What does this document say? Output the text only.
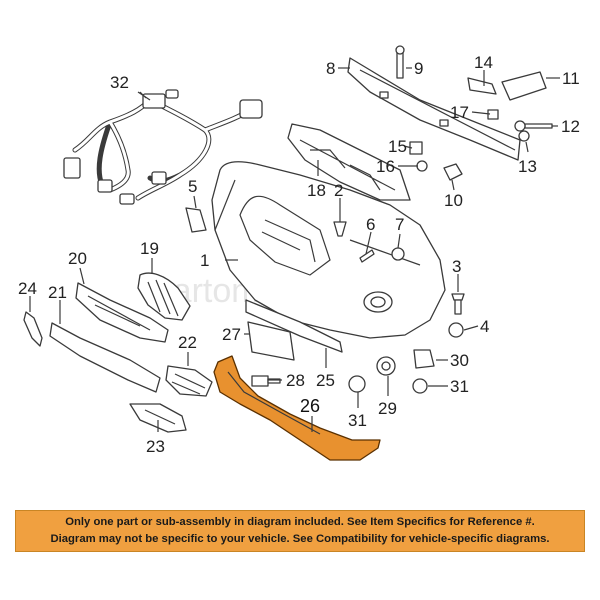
8	9	14
11
17
12
13
15
16
10
18 2
6 7
1	3
4
5
32
19
20
21
24
22
23
27
25
26
28
29
30
31
31
Only one part or sub-assembly in diagram included. See Item Specifics for Reference #.
Diagram may not be specific to your vehicle. See Compatibility for vehicle-specific diagrams.
